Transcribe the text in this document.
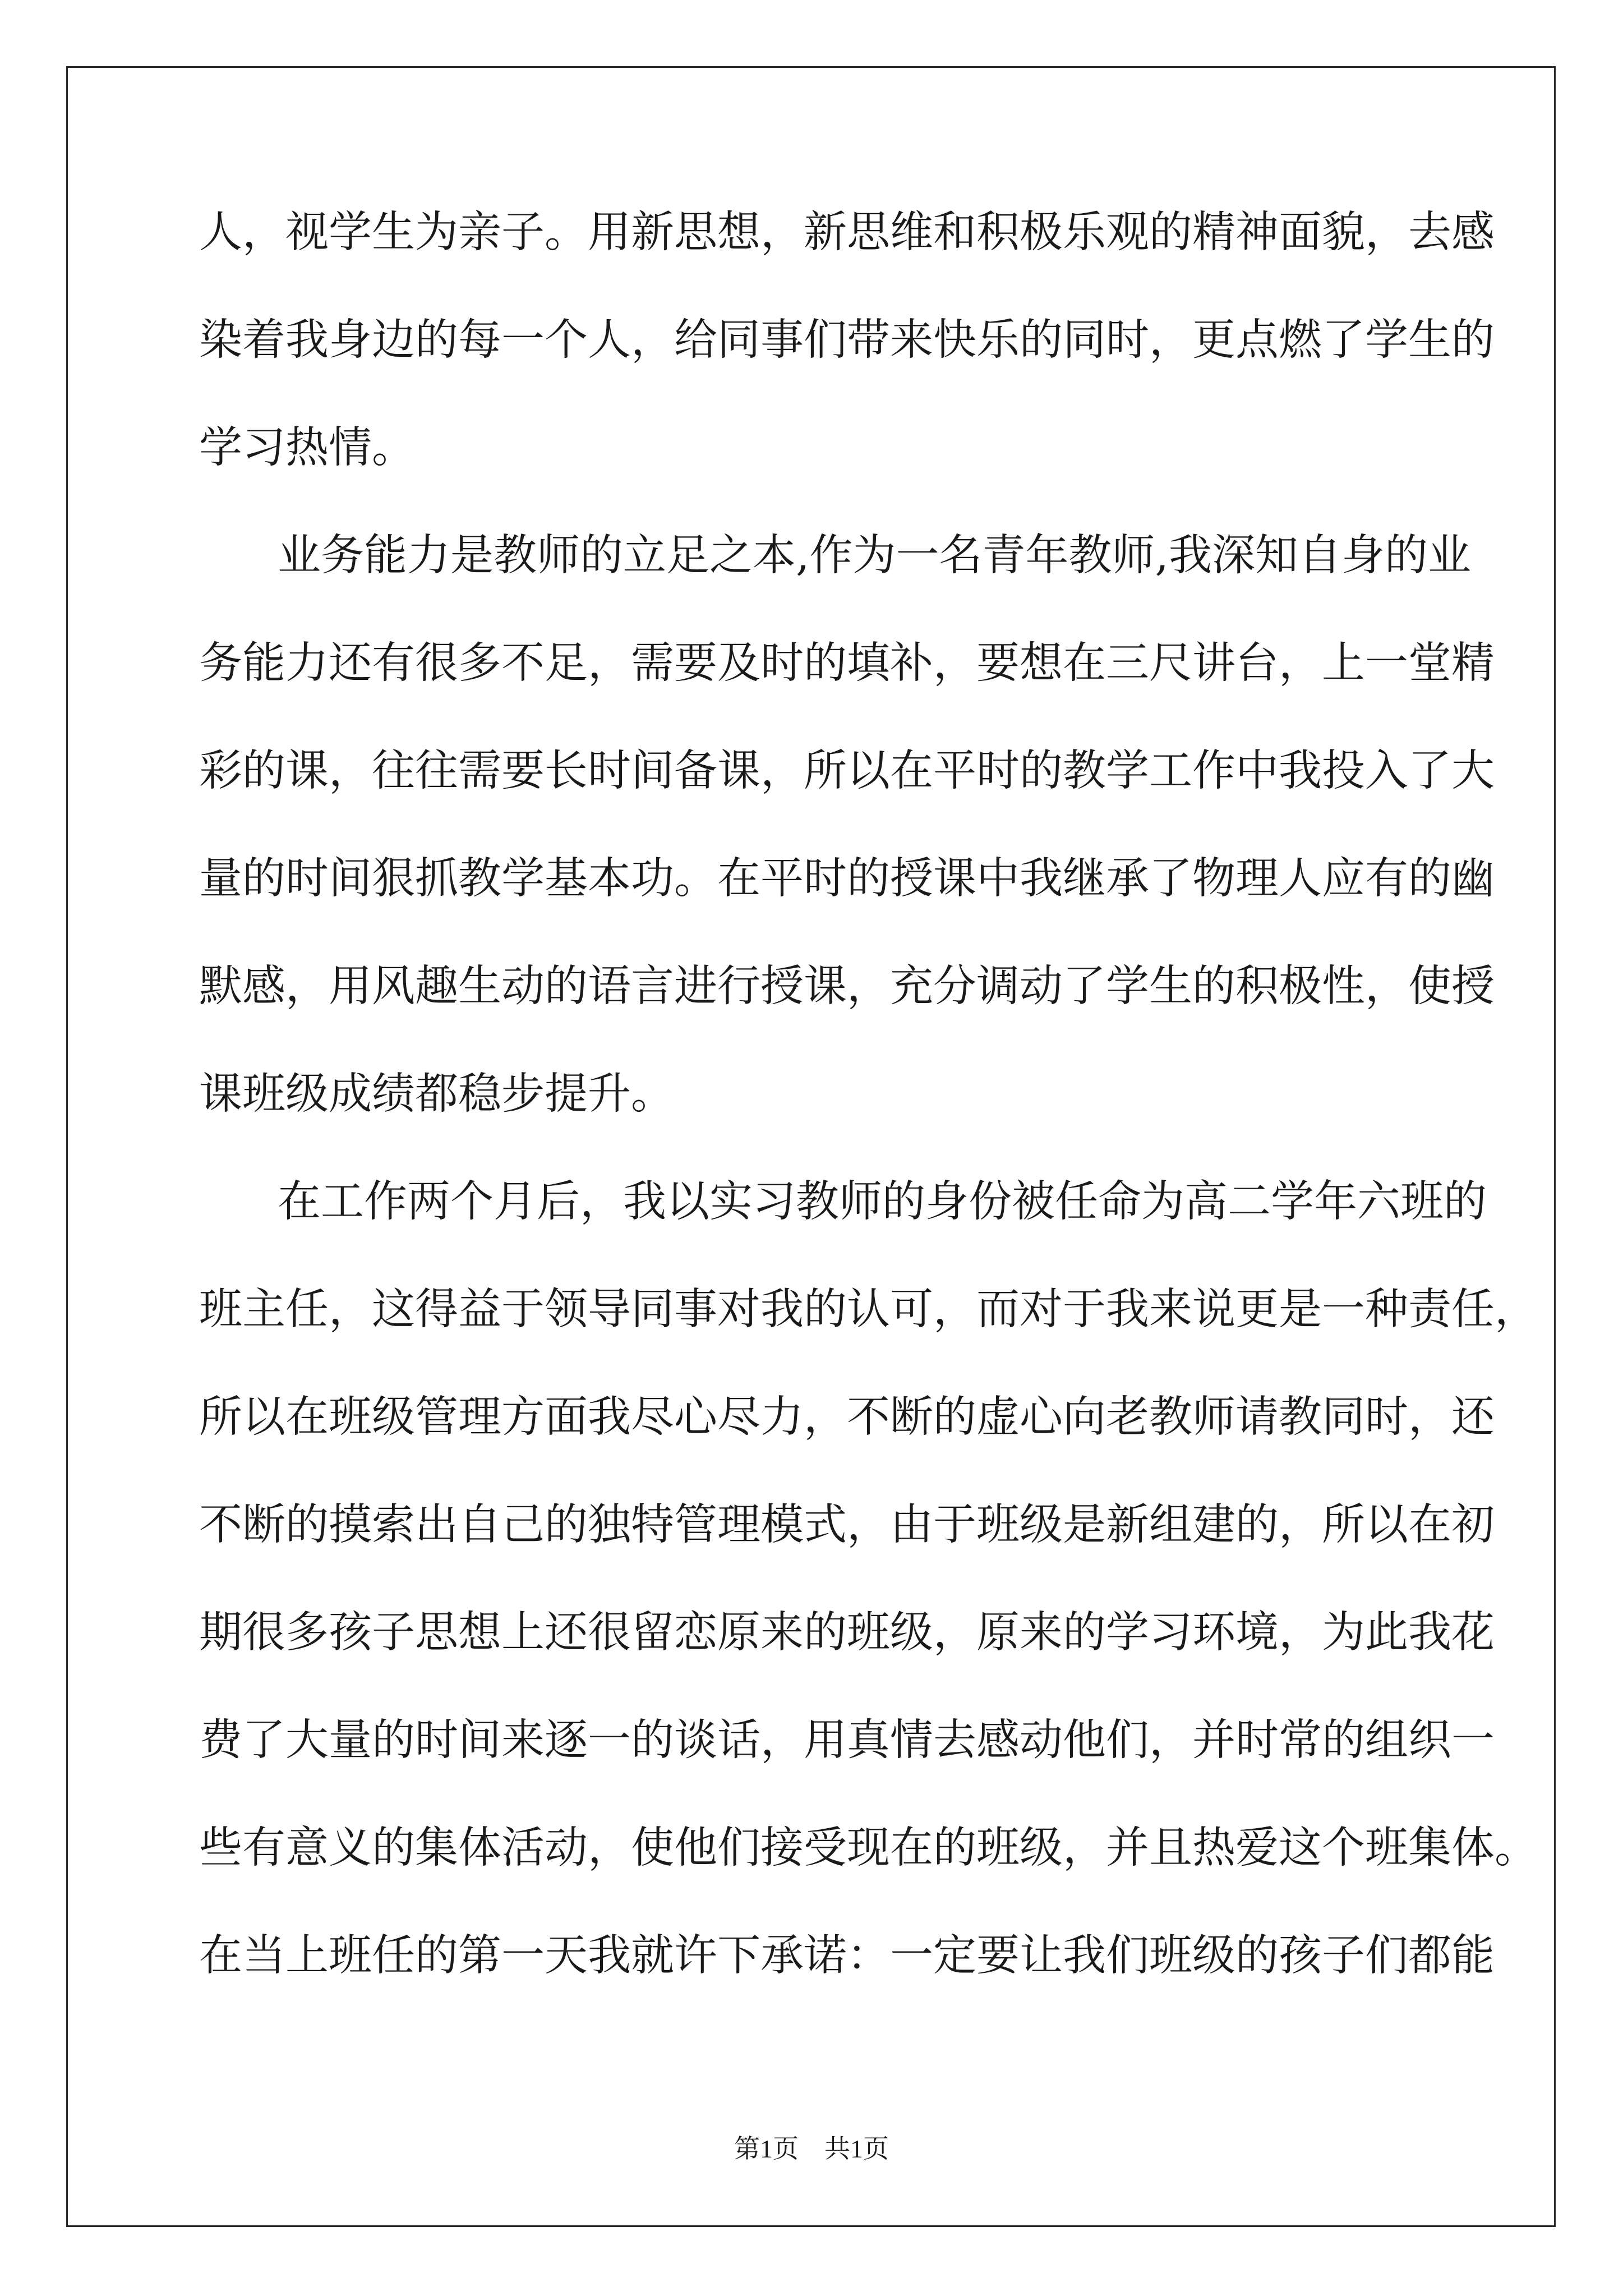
人 ， 视 学 生 为 亲 子 。 用 新 思 想 ， 新 思 维 和 积 极 乐 观 的 精 神 面 貌 ， 去 感
染 着 我 身 边 的 每 一 个 人 ， 给 同 事 们 带 来 快 乐 的 同 时 ， 更 点 燃 了 学 生 的
学习热情。
业务能力是教师的立足之本,作为一名青年教师,我深知自身的业
务 能 力 还 有 很 多 不 足 ， 需 要 及 时 的 填 补 ， 要 想 在 三 尺 讲 台 ， 上 一 堂 精
彩 的 课 ， 往 往 需 要 长 时 间 备 课 ， 所 以 在 平 时 的 教 学 工 作 中 我 投 入 了 大
量 的 时 间 狠 抓 教 学 基 本 功 。 在 平 时 的 授 课 中 我 继 承 了 物 理 人 应 有 的 幽
默 感 ， 用 风 趣 生 动 的 语 言 进 行 授 课 ， 充 分 调 动 了 学 生 的 积 极 性 ， 使 授
课班级成绩都稳步提升。
在工作两个月后，我以实习教师的身份被任命为高二学年六班的
班 主 任 ， 这 得 益 于 领 导 同 事 对 我 的 认 可 ， 而 对 于 我 来 说 更 是 一 种 责 任 ，
所 以 在 班 级 管 理 方 面 我 尽 心 尽 力 ， 不 断 的 虚 心 向 老 教 师 请 教 同 时 ， 还
不 断 的 摸 索 出 自 己 的 独 特 管 理 模 式 ， 由 于 班 级 是 新 组 建 的 ， 所 以 在 初
期 很 多 孩 子 思 想 上 还 很 留 恋 原 来 的 班 级 ， 原 来 的 学 习 环 境 ， 为 此 我 花
费 了 大 量 的 时 间 来 逐 一 的 谈 话 ， 用 真 情 去 感 动 他 们 ， 并 时 常 的 组 织 一
些 有 意 义 的 集 体 活 动 ， 使 他 们 接 受 现 在 的 班 级 ， 并 且 热 爱 这 个 班 集 体 。
在 当 上 班 任 的 第 一 天 我 就 许 下 承 诺 ： 一 定 要 让 我 们 班 级 的 孩 子 们 都 能
第1页　共1页
